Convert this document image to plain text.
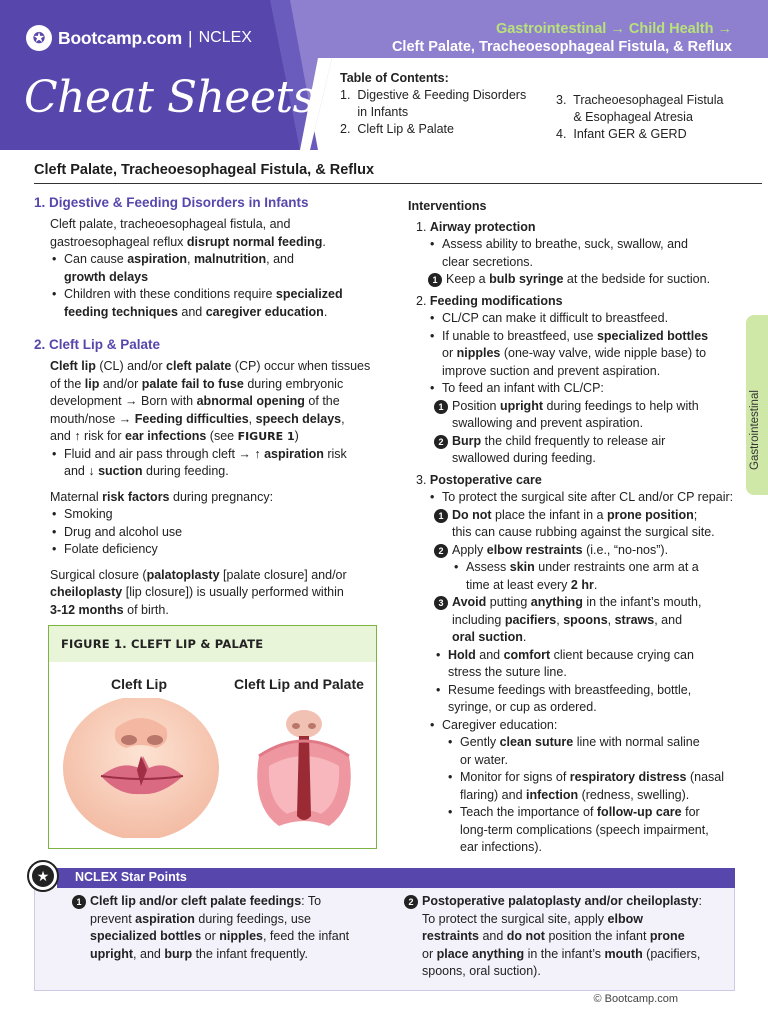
✪ Bootcamp.com | NCLEX
Cheat Sheets
Gastrointestinal → Child Health →
Cleft Palate, Tracheoesophageal Fistula, & Reflux
Table of Contents:
1.  Digestive & Feeding Disorders
in Infants
2.  Cleft Lip & Palate
3.  Tracheoesophageal Fistula
& Esophageal Atresia
4.  Infant GER & GERD
Cleft Palate, Tracheoesophageal Fistula, & Reflux
Gastrointestinal
1. Digestive & Feeding Disorders in Infants
Cleft palate, tracheoesophageal fistula, and
gastroesophageal reflux disrupt normal feeding.
• Can cause aspiration, malnutrition, and
growth delays
• Children with these conditions require specialized
feeding techniques and caregiver education.
2. Cleft Lip & Palate
Cleft lip (CL) and/or cleft palate (CP) occur when tissues
of the lip and/or palate fail to fuse during embryonic
development → Born with abnormal opening of the
mouth/nose → Feeding difficulties, speech delays,
and ↑ risk for ear infections (see FIGURE 1)
• Fluid and air pass through cleft → ↑ aspiration risk
and ↓ suction during feeding.
Maternal risk factors during pregnancy:
• Smoking
• Drug and alcohol use
• Folate deficiency
Surgical closure (palatoplasty [palate closure] and/or
cheiloplasty [lip closure]) is usually performed within
3-12 months of birth.
FIGURE 1. CLEFT LIP & PALATE
Cleft Lip	Cleft Lip and Palate
Interventions
1. Airway protection
• Assess ability to breathe, suck, swallow, and
clear secretions.
1 Keep a bulb syringe at the bedside for suction.
2. Feeding modifications
• CL/CP can make it difficult to breastfeed.
• If unable to breastfeed, use specialized bottles
or nipples (one-way valve, wide nipple base) to
improve suction and prevent aspiration.
• To feed an infant with CL/CP:
1 Position upright during feedings to help with
swallowing and prevent aspiration.
2 Burp the child frequently to release air
swallowed during feeding.
3. Postoperative care
• To protect the surgical site after CL and/or CP repair:
1 Do not place the infant in a prone position;
this can cause rubbing against the surgical site.
2 Apply elbow restraints (i.e., “no-nos”).
• Assess skin under restraints one arm at a
time at least every 2 hr.
3 Avoid putting anything in the infant’s mouth,
including pacifiers, spoons, straws, and
oral suction.
• Hold and comfort client because crying can
stress the suture line.
• Resume feedings with breastfeeding, bottle,
syringe, or cup as ordered.
• Caregiver education:
• Gently clean suture line with normal saline
or water.
• Monitor for signs of respiratory distress (nasal
flaring) and infection (redness, swelling).
• Teach the importance of follow-up care for
long-term complications (speech impairment,
ear infections).
NCLEX Star Points
★
1 Cleft lip and/or cleft palate feedings: To
prevent aspiration during feedings, use
specialized bottles or nipples, feed the infant
upright, and burp the infant frequently.
2 Postoperative palatoplasty and/or cheiloplasty:
To protect the surgical site, apply elbow
restraints and do not position the infant prone
or place anything in the infant’s mouth (pacifiers,
spoons, oral suction).
© Bootcamp.com
